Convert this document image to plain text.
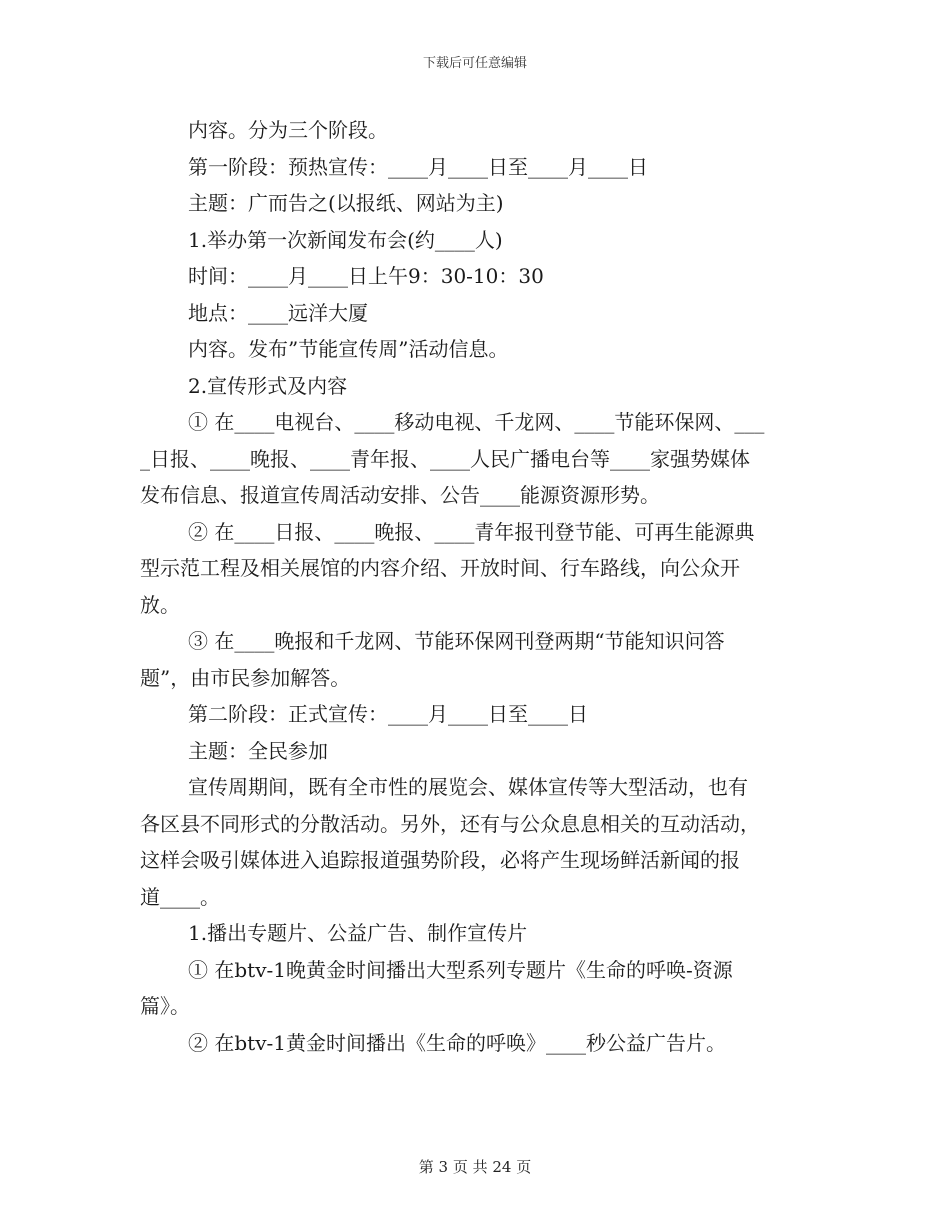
下载后可任意编辑
内容。分为三个阶段。
第一阶段：预热宣传：____月____日至____月____日
主题：广而告之(以报纸、网站为主)
1.举办第一次新闻发布会(约____人)
时间：____月____日上午9：30-10：30
地点：____远洋大厦
内容。发布”节能宣传周”活动信息。
2.宣传形式及内容
① 在____电视台、____移动电视、千龙网、____节能环保网、___
_日报、____晚报、____青年报、____人民广播电台等____家强势媒体
发布信息、报道宣传周活动安排、公告____能源资源形势。
② 在____日报、____晚报、____青年报刊登节能、可再生能源典
型示范工程及相关展馆的内容介绍、开放时间、行车路线，向公众开
放。
③ 在____晚报和千龙网、节能环保网刊登两期“节能知识问答
题”，由市民参加解答。
第二阶段：正式宣传：____月____日至____日
主题：全民参加
宣传周期间，既有全市性的展览会、媒体宣传等大型活动，也有
各区县不同形式的分散活动。另外，还有与公众息息相关的互动活动，
这样会吸引媒体进入追踪报道强势阶段，必将产生现场鲜活新闻的报
道____。
1.播出专题片、公益广告、制作宣传片
① 在btv-1晚黄金时间播出大型系列专题片《生命的呼唤-资源
篇》。
② 在btv-1黄金时间播出《生命的呼唤》____秒公益广告片。
第 3 页 共 24 页
